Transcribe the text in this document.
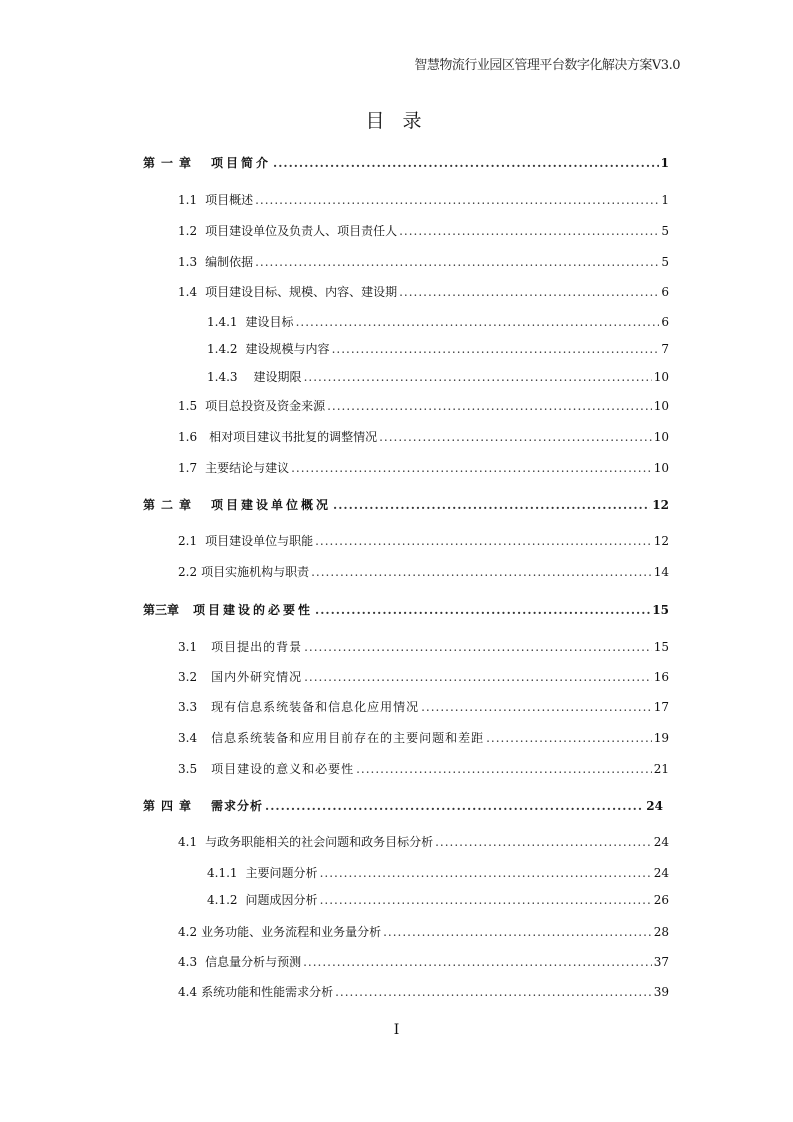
智慧物流行业园区管理平台数字化解决方案V3.0
目 录
第一章 项目简介 .....	1
1.1 项目概述 .....	1
1.2 项目建设单位及负责人、项目责任人 .....	5
1.3 编制依据 .....	5
1.4 项目建设目标、规模、内容、建设期 .....	6
1.4.1 建设目标 .....	6
1.4.2 建设规模与内容 .....	7
1.4.3 建设期限 .....	10
1.5 项目总投资及资金来源 .....	10
1.6 相对项目建议书批复的调整情况 .....	10
1.7 主要结论与建议 .....	10
第二章 项目建设单位概况 .....	12
2.1 项目建设单位与职能 .....	12
2.2 项目实施机构与职责 .....	14
第三章 项目建设的必要性 .....	15
3.1 项目提出的背景 .....	15
3.2 国内外研究情况 .....	16
3.3 现有信息系统装备和信息化应用情况 .....	17
3.4 信息系统装备和应用目前存在的主要问题和差距 .....	19
3.5 项目建设的意义和必要性 .....	21
第四章 需求分析 .....	24
4.1 与政务职能相关的社会问题和政务目标分析 .....	24
4.1.1 主要问题分析 .....	24
4.1.2 问题成因分析 .....	26
4.2 业务功能、业务流程和业务量分析 .....	28
4.3 信息量分析与预测 .....	37
4.4 系统功能和性能需求分析 .....	39
I
